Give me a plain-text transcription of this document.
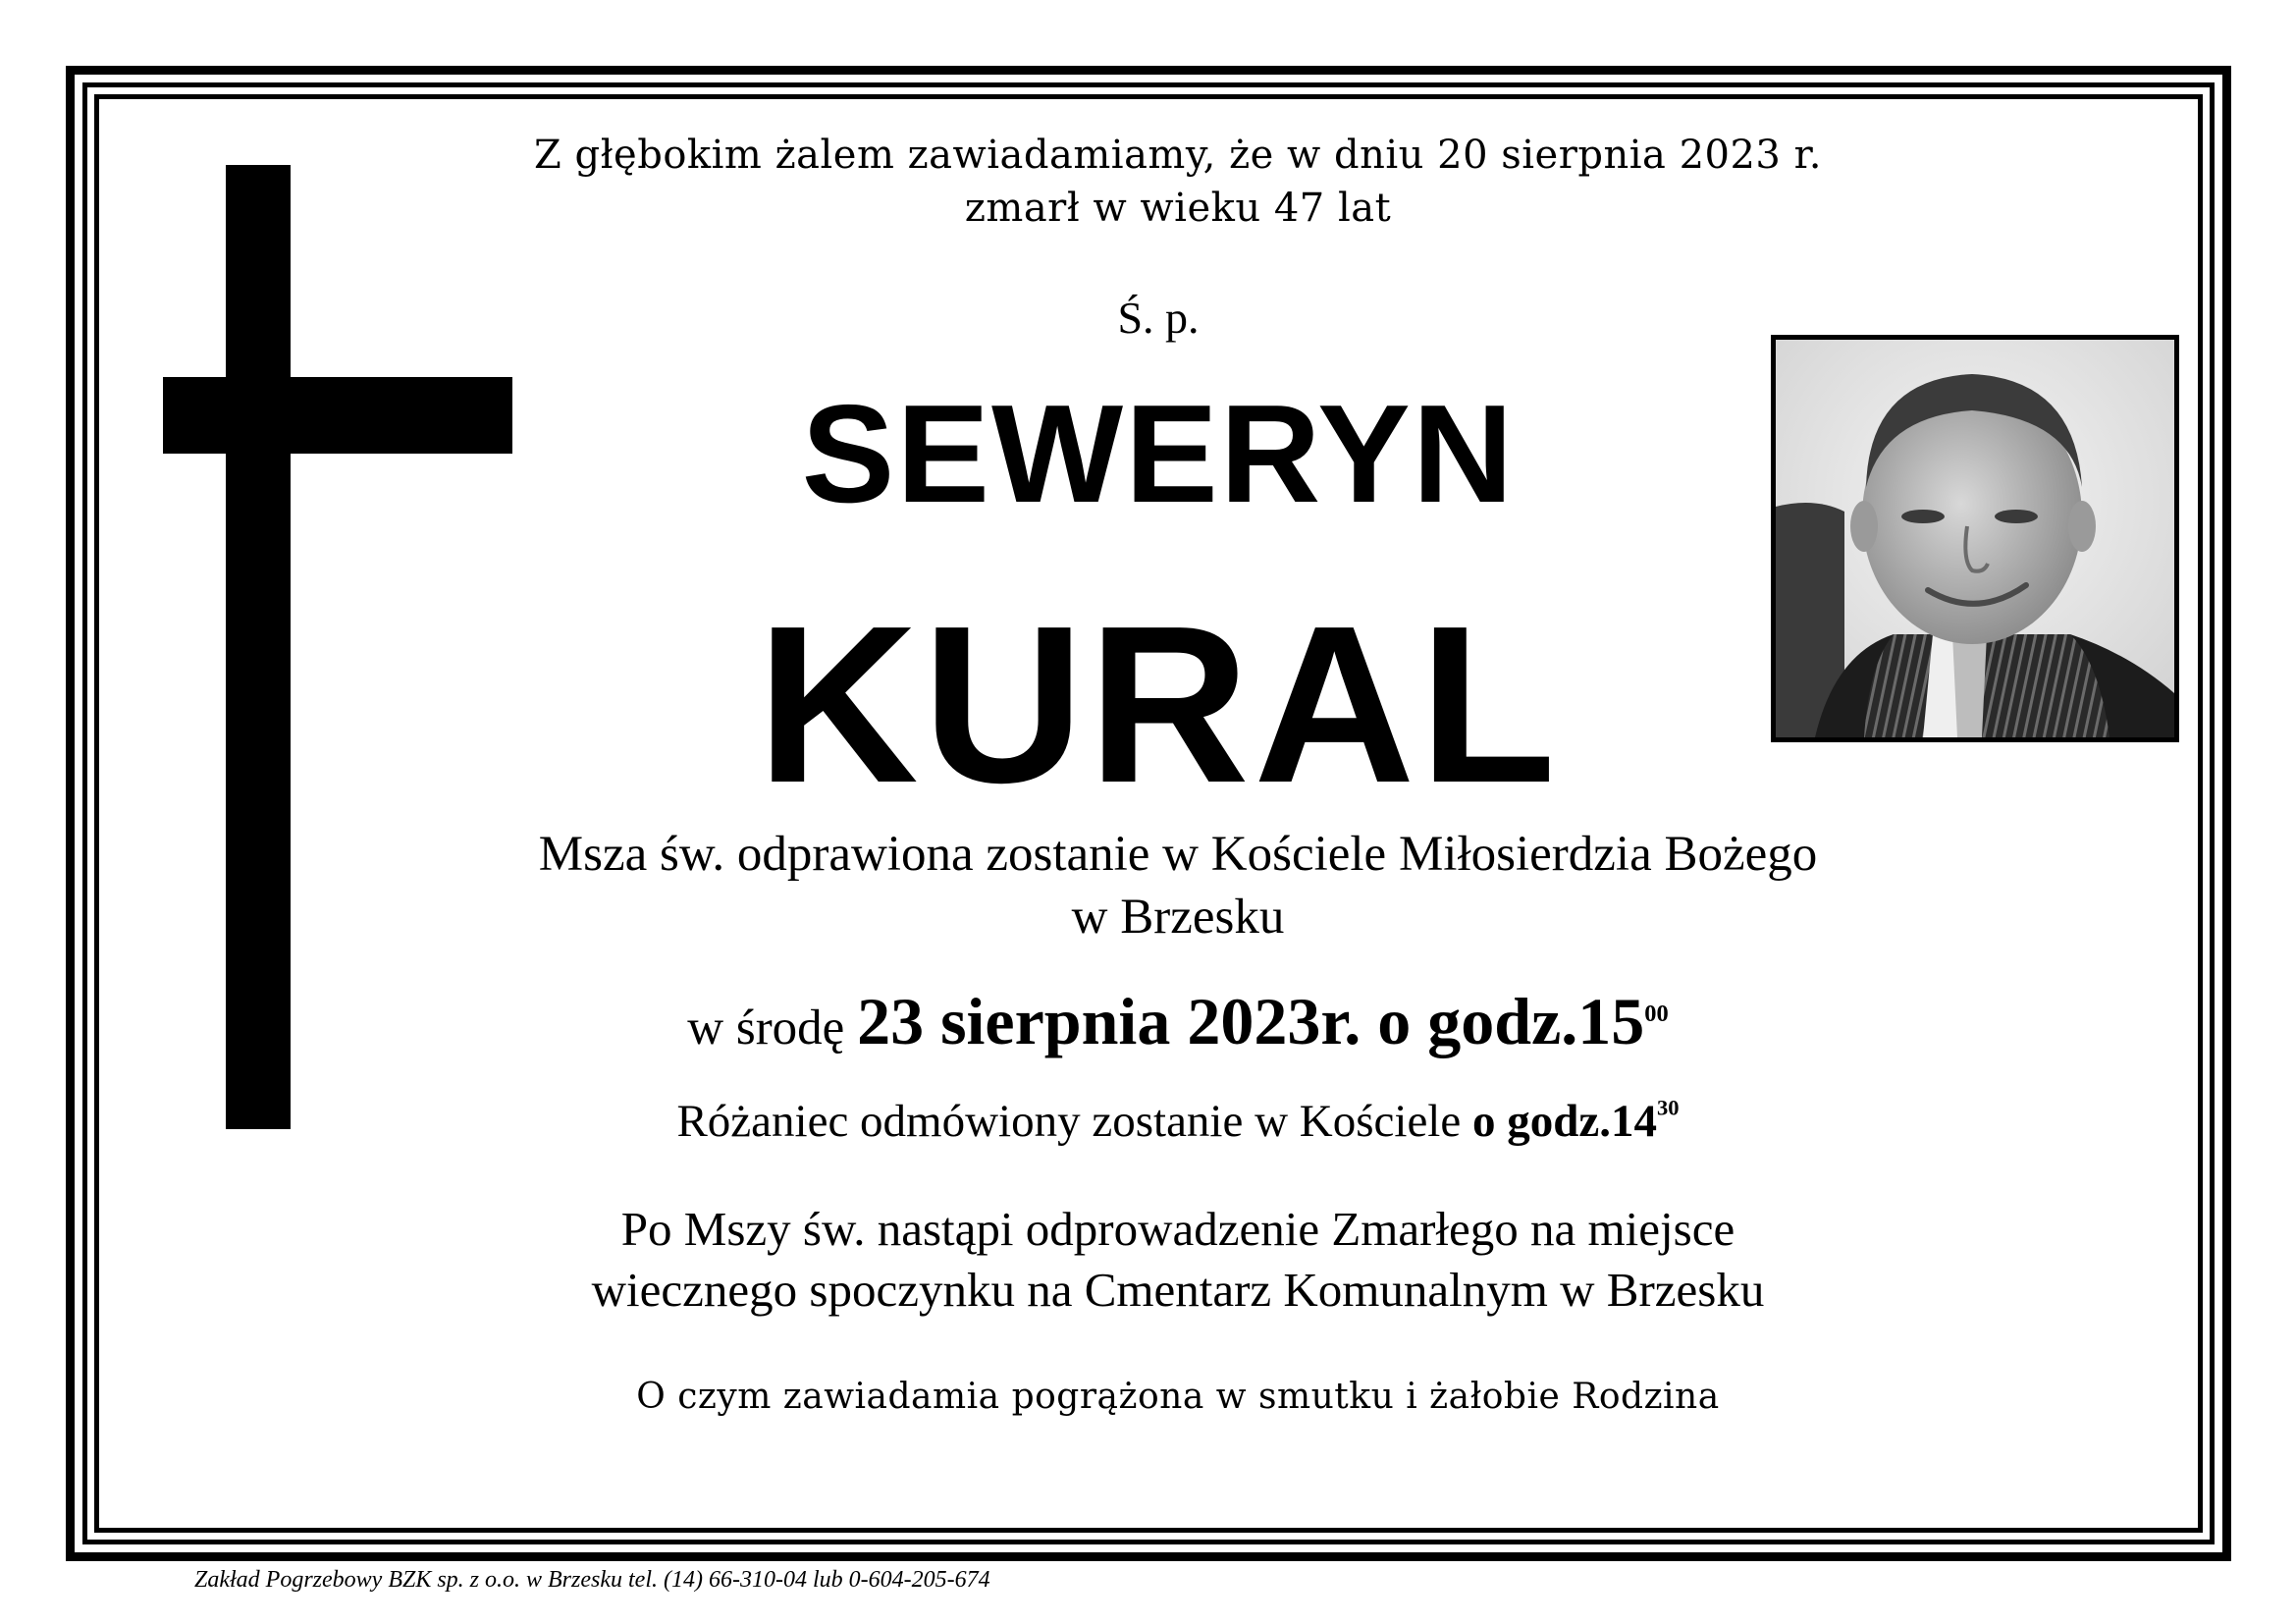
Z głębokim żalem zawiadamiamy, że w dniu 20 sierpnia 2023 r.
zmarł w wieku 47 lat
Ś. p.
SEWERYN
KURAL
Msza św. odprawiona zostanie w Kościele Miłosierdzia Bożego
w Brzesku
w środę 23 sierpnia 2023r. o $godz.15^{00}$
Różaniec odmówiony zostanie w Kościele o $godz.14^{30}$
Po Mszy św. nastąpi odprowadzenie Zmarłego na miejsce
wiecznego spoczynku na Cmentarz Komunalnym w Brzesku
O czym zawiadamia pogrążona w smutku i żałobie Rodzina
Zakład Pogrzebowy BZK sp. z o.o. w Brzesku tel. (14) 66-310-04 lub 0-604-205-674
